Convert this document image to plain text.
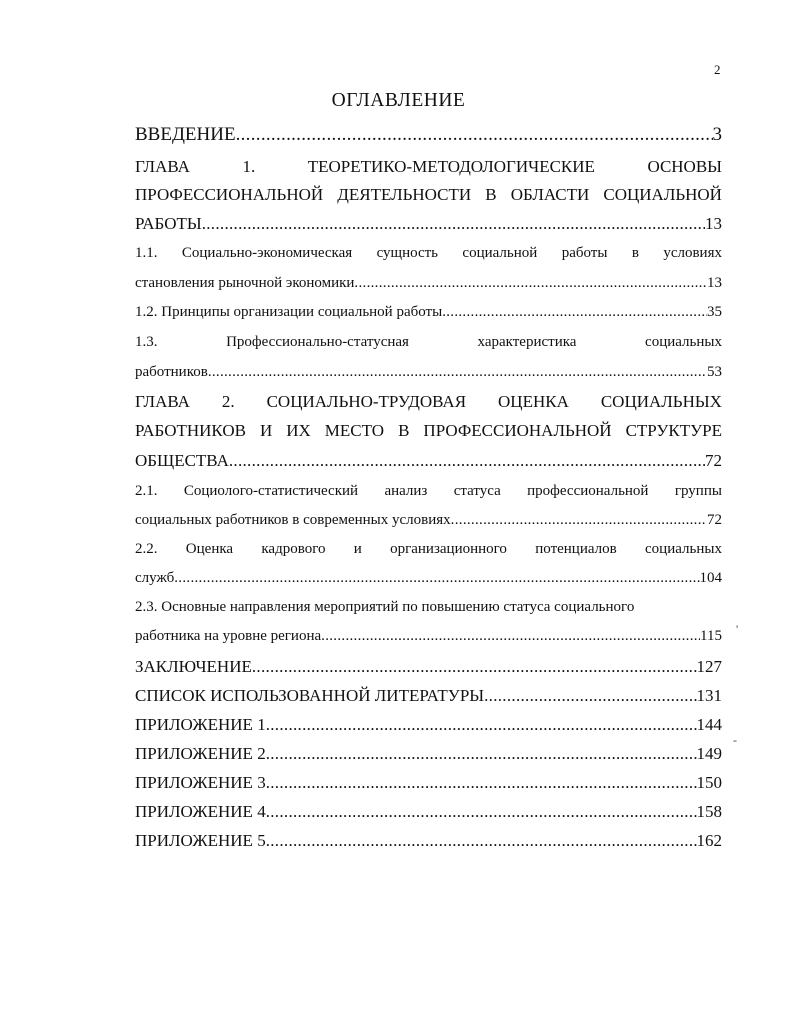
2
ОГЛАВЛЕНИЕ
ВВЕДЕНИЕ .....	3
ГЛАВА	1.	ТЕОРЕТИКО-МЕТОДОЛОГИЧЕСКИЕ	ОСНОВЫ
ПРОФЕССИОНАЛЬНОЙ ДЕЯТЕЛЬНОСТИ В ОБЛАСТИ СОЦИАЛЬНОЙ
РАБОТЫ .....	13
1.1. Социально-экономическая сущность социальной работы в условиях
становления рыночной экономики .....	13
1.2. Принципы организации социальной работы .....	35
1.3.	Профессионально-статусная	характеристика	социальных
работников .....	53
ГЛАВА 2. СОЦИАЛЬНО-ТРУДОВАЯ ОЦЕНКА СОЦИАЛЬНЫХ
РАБОТНИКОВ И ИХ МЕСТО В ПРОФЕССИОНАЛЬНОЙ СТРУКТУРЕ
ОБЩЕСТВА .....	72
2.1. Социолого-статистический анализ статуса профессиональной группы
социальных работников в современных условиях .....	72
2.2. Оценка кадрового и организационного потенциалов социальных
служб .....	104
2.3. Основные направления мероприятий по повышению статуса социального
работника на уровне региона .....	115
ЗАКЛЮЧЕНИЕ .....	127
СПИСОК ИСПОЛЬЗОВАННОЙ ЛИТЕРАТУРЫ .....	131
ПРИЛОЖЕНИЕ 1 .....	144
ПРИЛОЖЕНИЕ 2 .....	149
ПРИЛОЖЕНИЕ 3 .....	150
ПРИЛОЖЕНИЕ 4 .....	158
ПРИЛОЖЕНИЕ 5 .....	162
'
-
